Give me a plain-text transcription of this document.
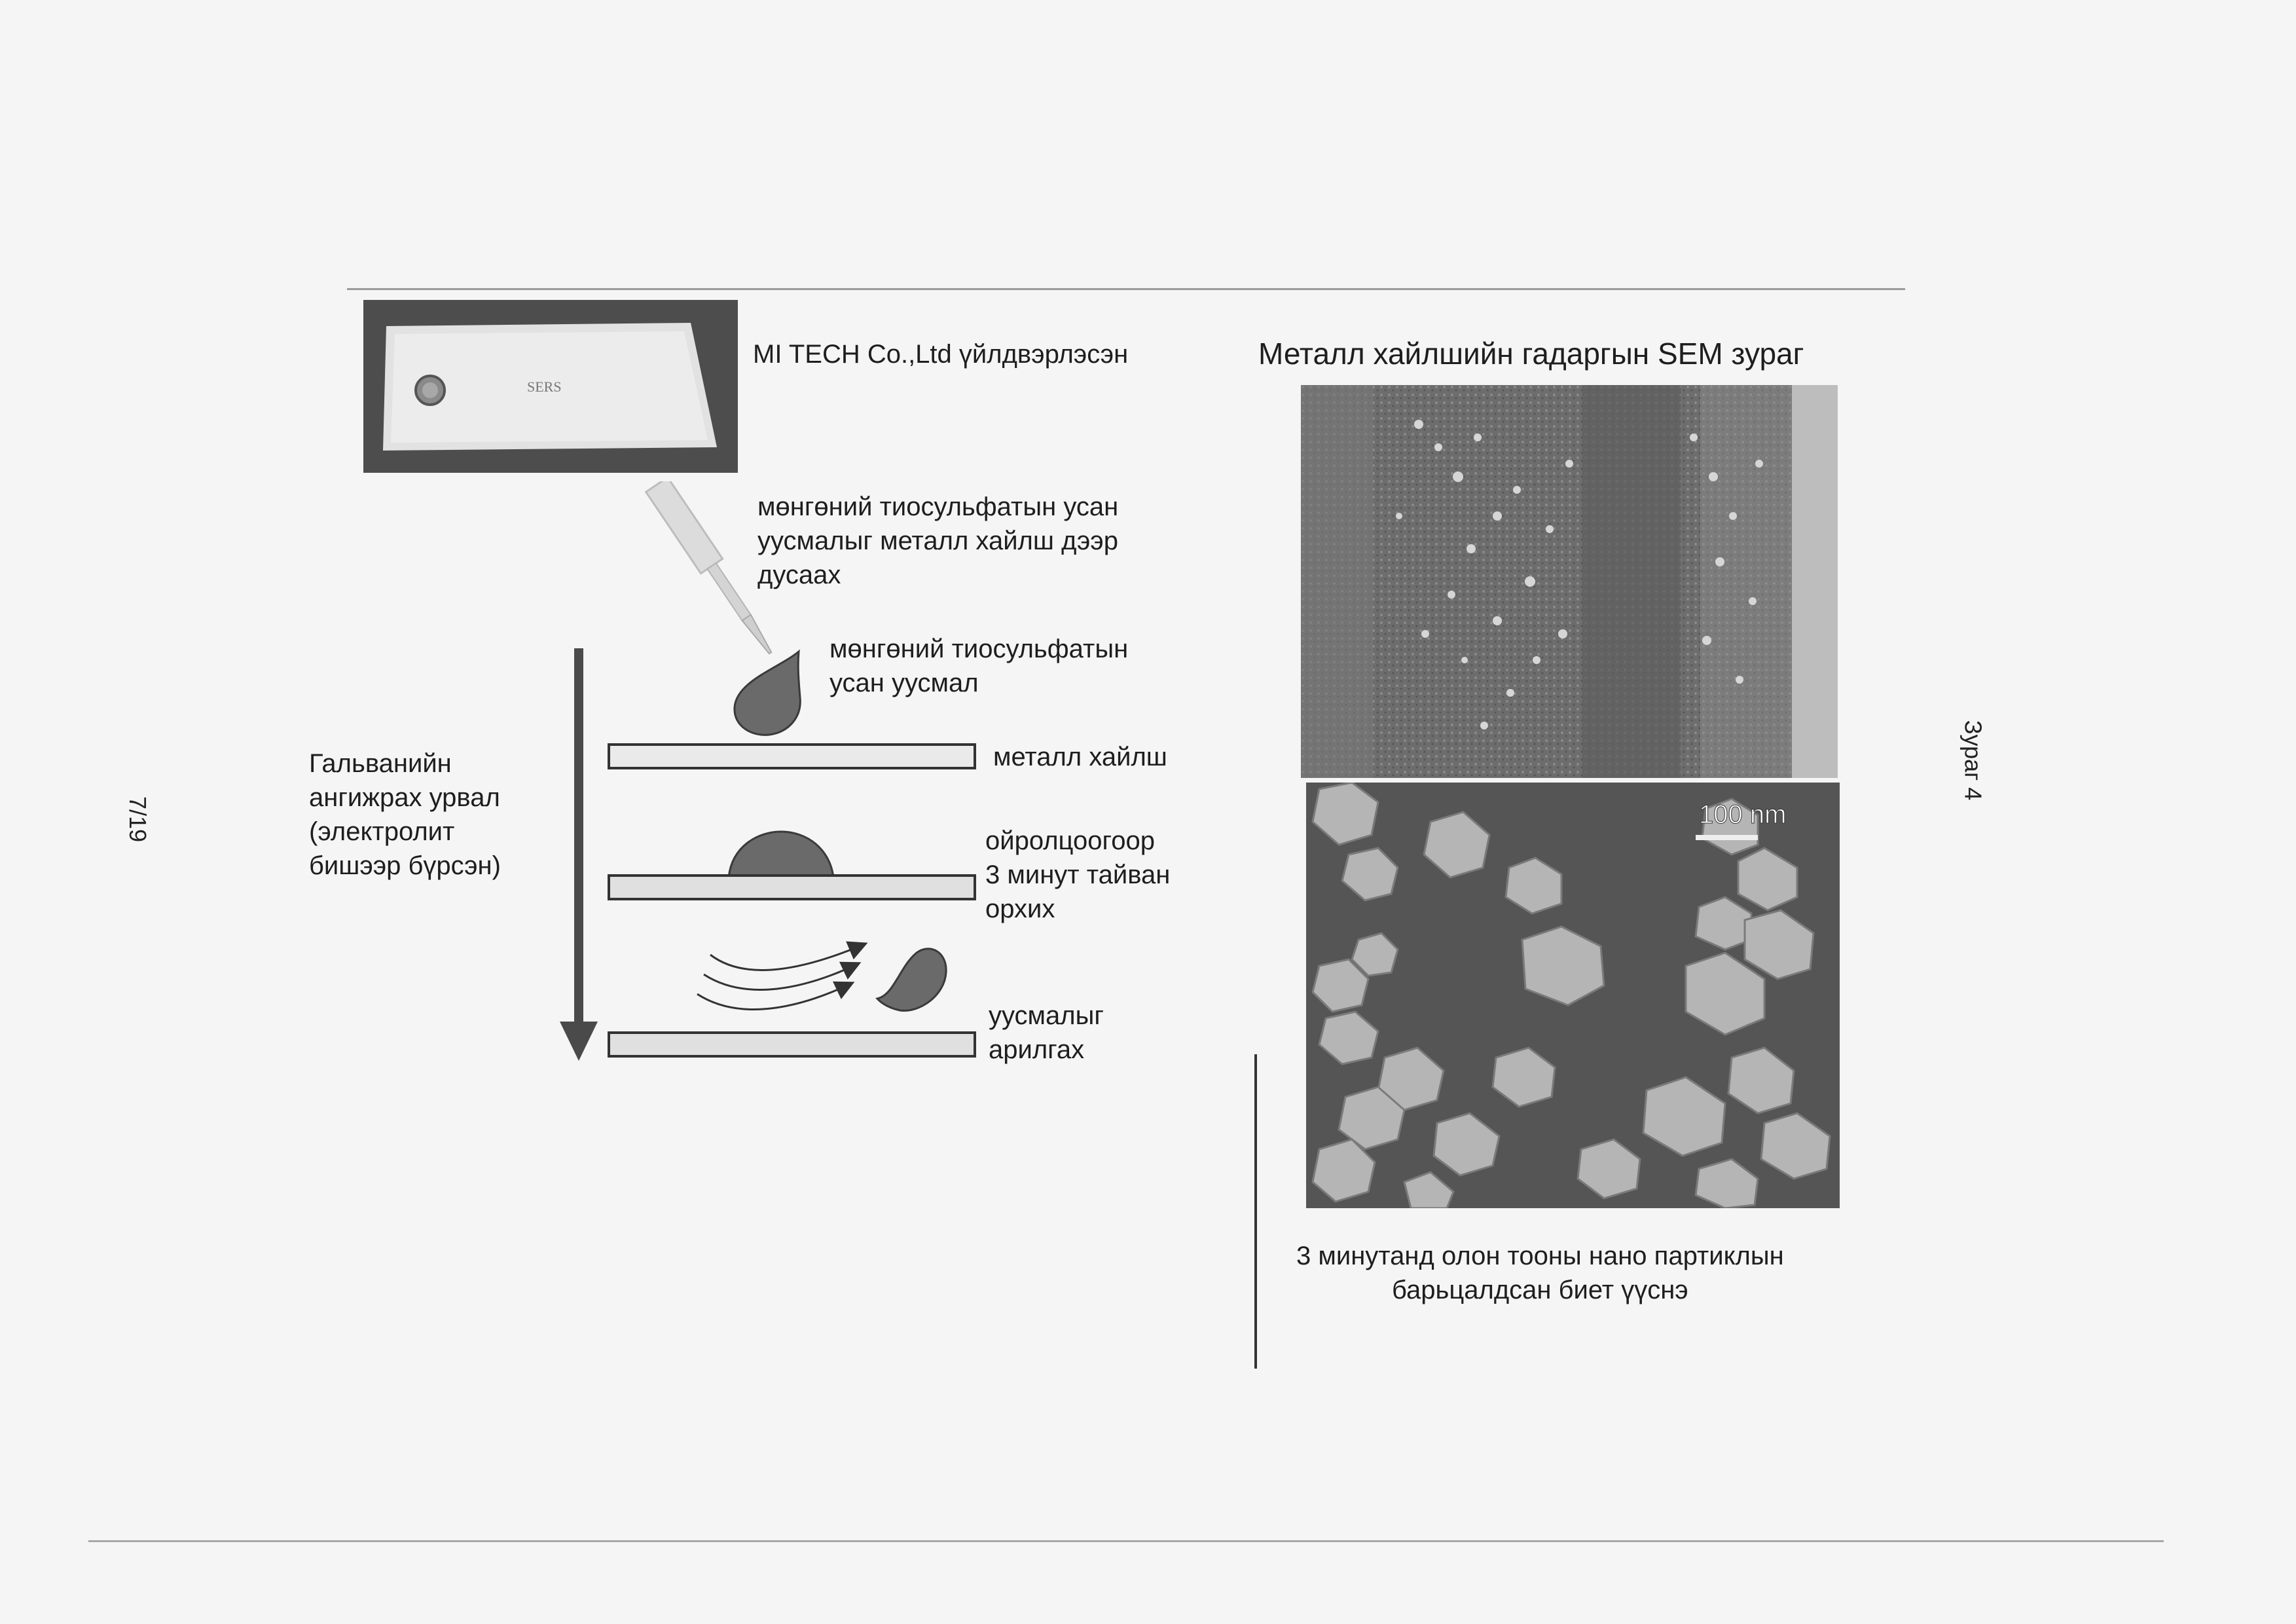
7/19
Зураг 4
SERS
MI TECH Co.,Ltd үйлдвэрлэсэн
мөнгөний тиосульфатын усан
уусмалыг металл хайлш дээр
дусаах
мөнгөний тиосульфатын
усан уусмал
Гальванийн
ангижрах урвал
(электролит
бишээр бүрсэн)
металл хайлш
ойролцоогоор
3 минут тайван
орхих
уусмалыг
арилгах
Металл хайлшийн гадаргын SEM зураг
100 nm
3 минутанд олон тооны нано партиклын
барьцалдсан биет үүснэ
